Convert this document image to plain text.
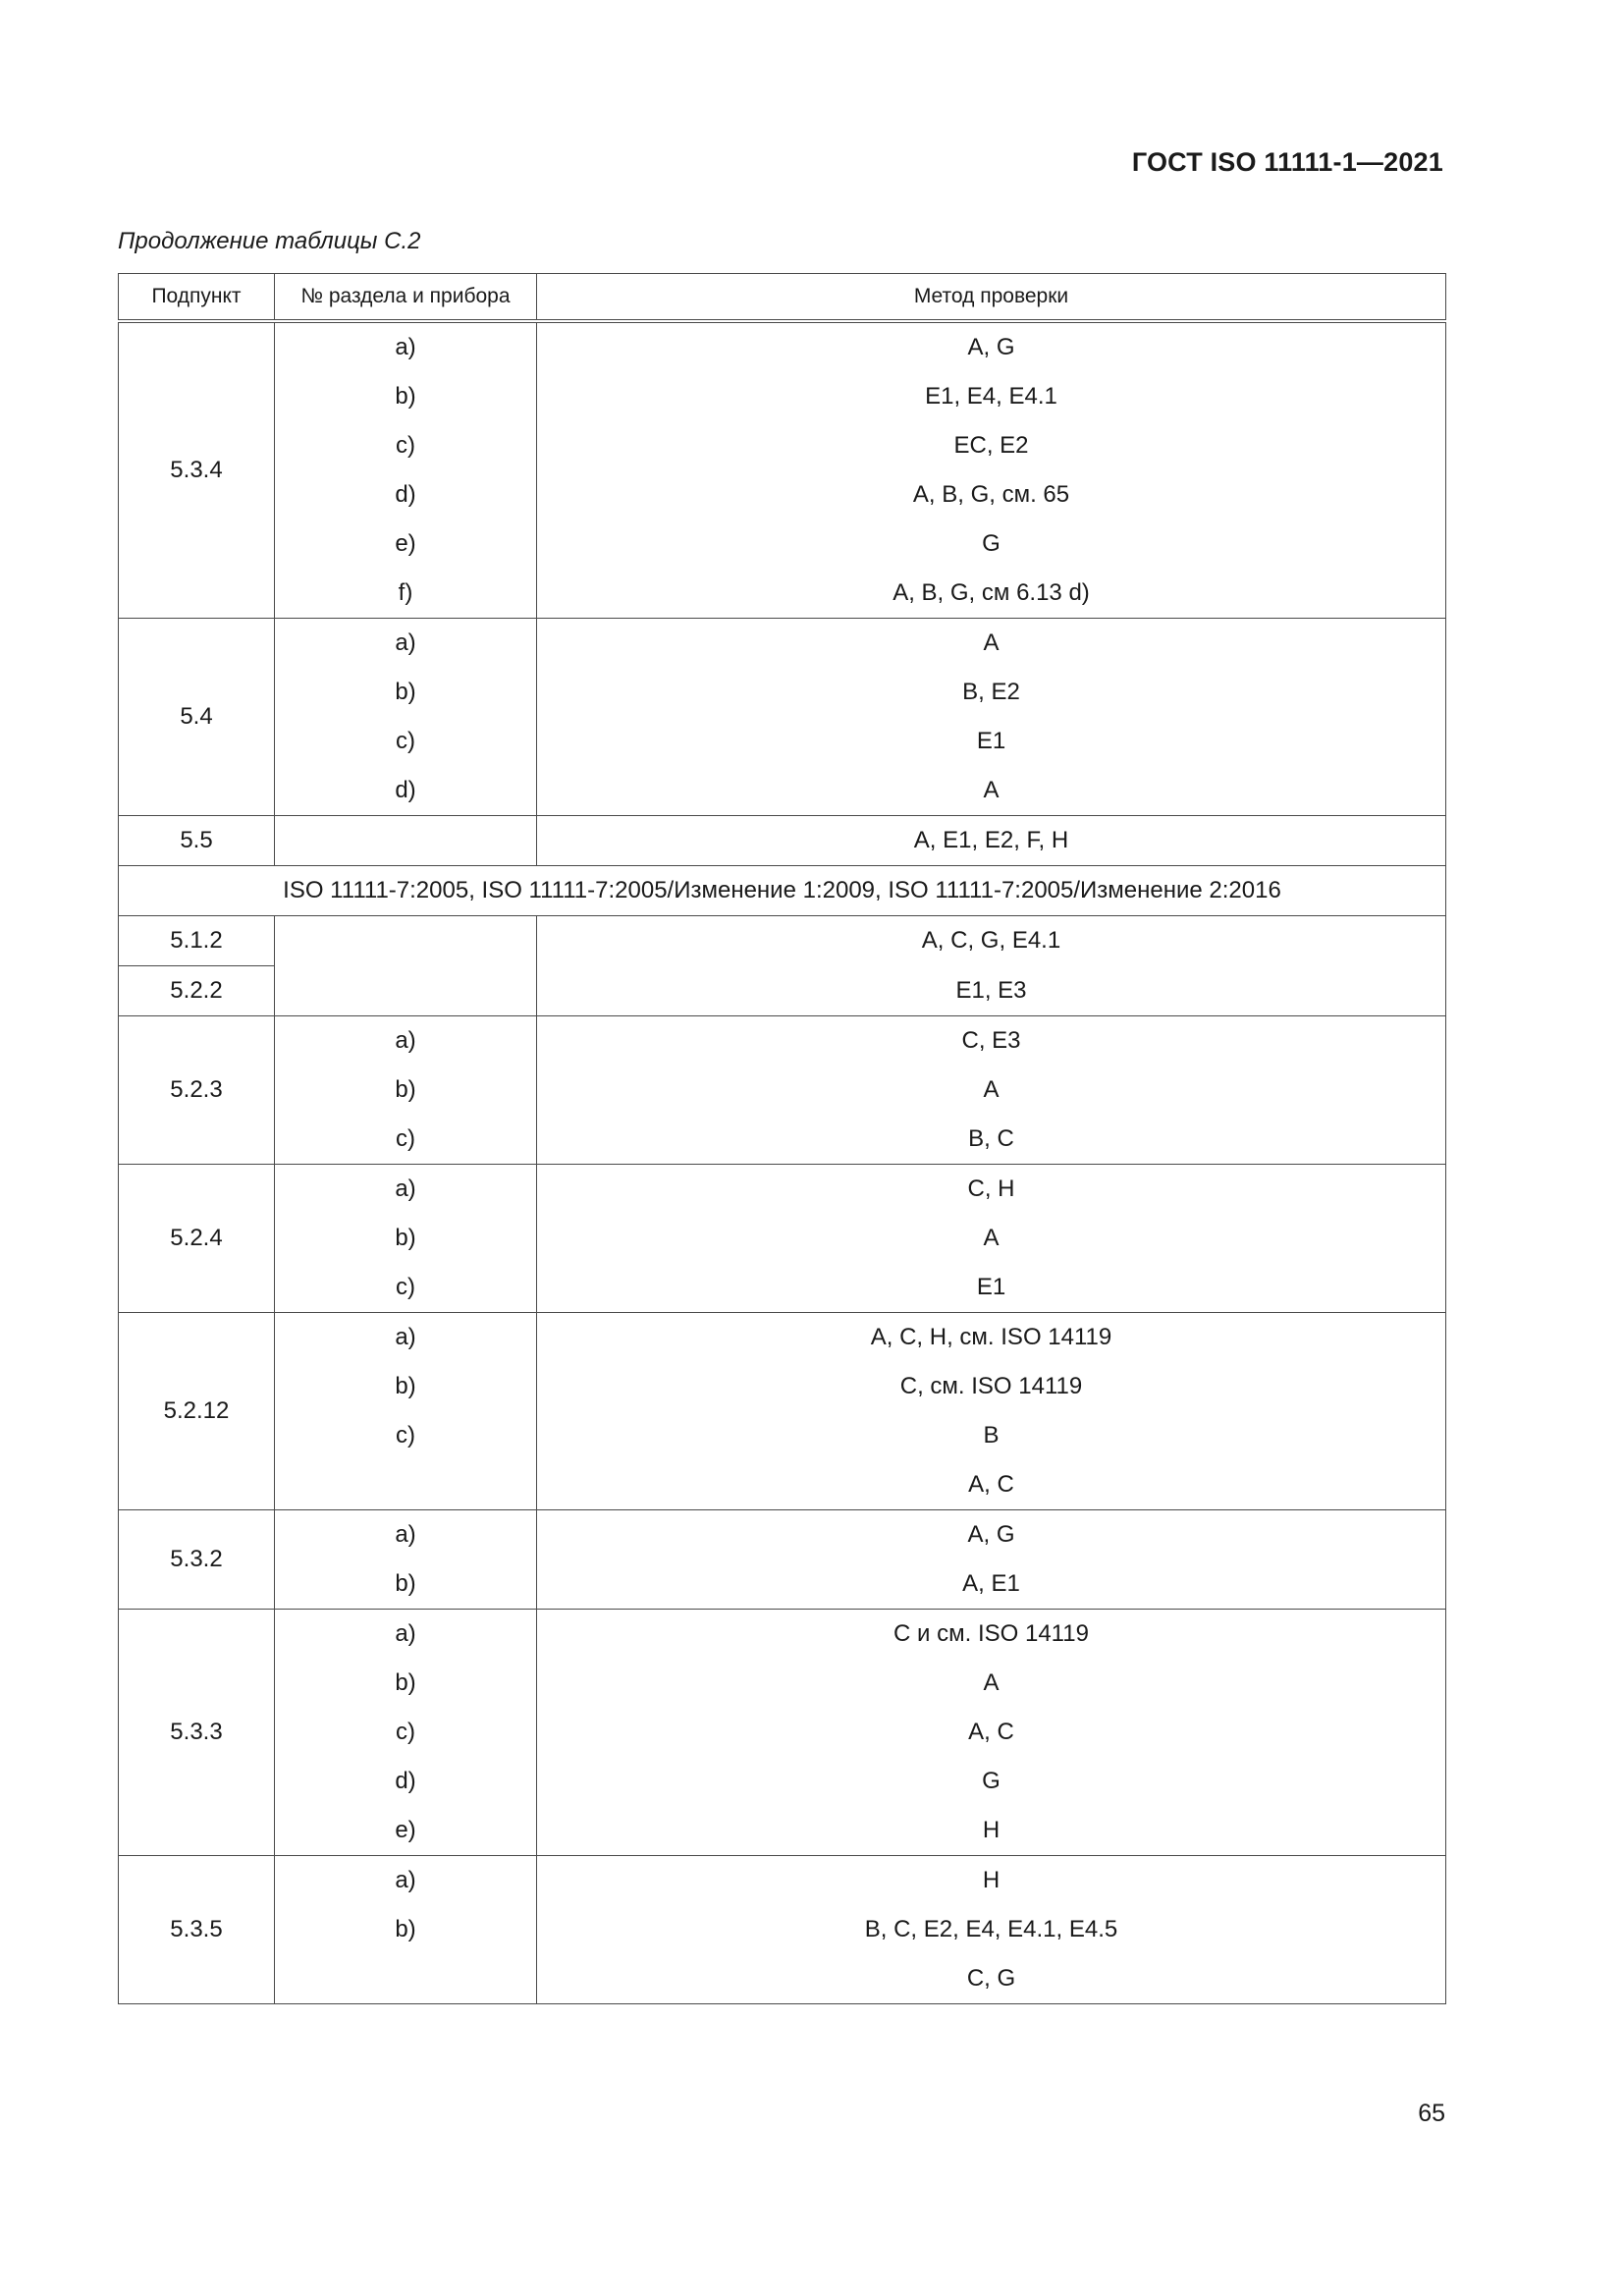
ГОСТ ISO 11111-1—2021
Продолжение таблицы С.2
Подпункт	№ раздела и прибора	Метод проверки
5.3.4	a)	A, G
	b)	E1, E4, E4.1
	c)	EC, E2
	d)	A, B, G, см. 65
	e)	G
	f)	A, B, G, см 6.13 d)
5.4	a)	A
	b)	B, E2
	c)	E1
	d)	A
5.5		A, E1, E2, F, H
ISO 11111-7:2005, ISO 11111-7:2005/Изменение 1:2009, ISO 11111-7:2005/Изменение 2:2016		
5.1.2		A, C, G, E4.1
5.2.2		E1, E3
5.2.3	a)	C, E3
	b)	A
	c)	B, C
5.2.4	a)	C, H
	b)	A
	c)	E1
5.2.12	a)	A, C, H, см. ISO 14119
	b)	C, см. ISO 14119
	c)	B
		A, C
5.3.2	a)	A, G
	b)	A, E1
5.3.3	a)	C и см. ISO 14119
	b)	A
	c)	A, C
	d)	G
	e)	H
5.3.5	a)	H
	b)	B, C, E2, E4, E4.1, E4.5
		C, G
65
